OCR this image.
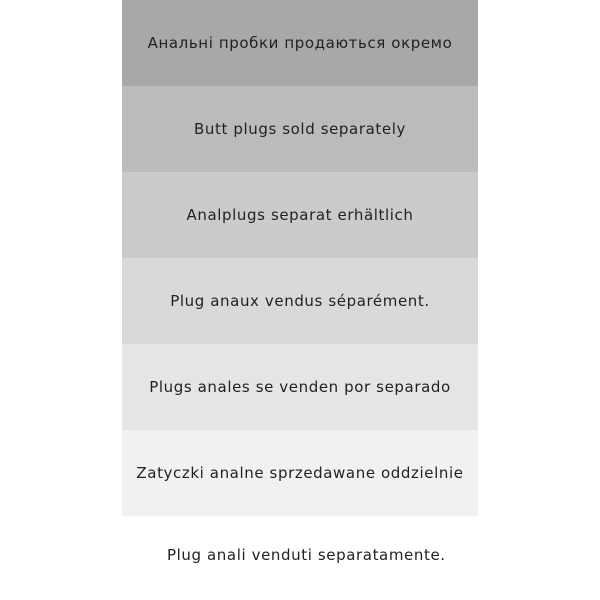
Анальні пробки продаються окремо
Butt plugs sold separately
Analplugs separat erhältlich
Plug anaux vendus séparément.
Plugs anales se venden por separado
Zatyczki analne sprzedawane oddzielnie
Plug anali venduti separatamente.
